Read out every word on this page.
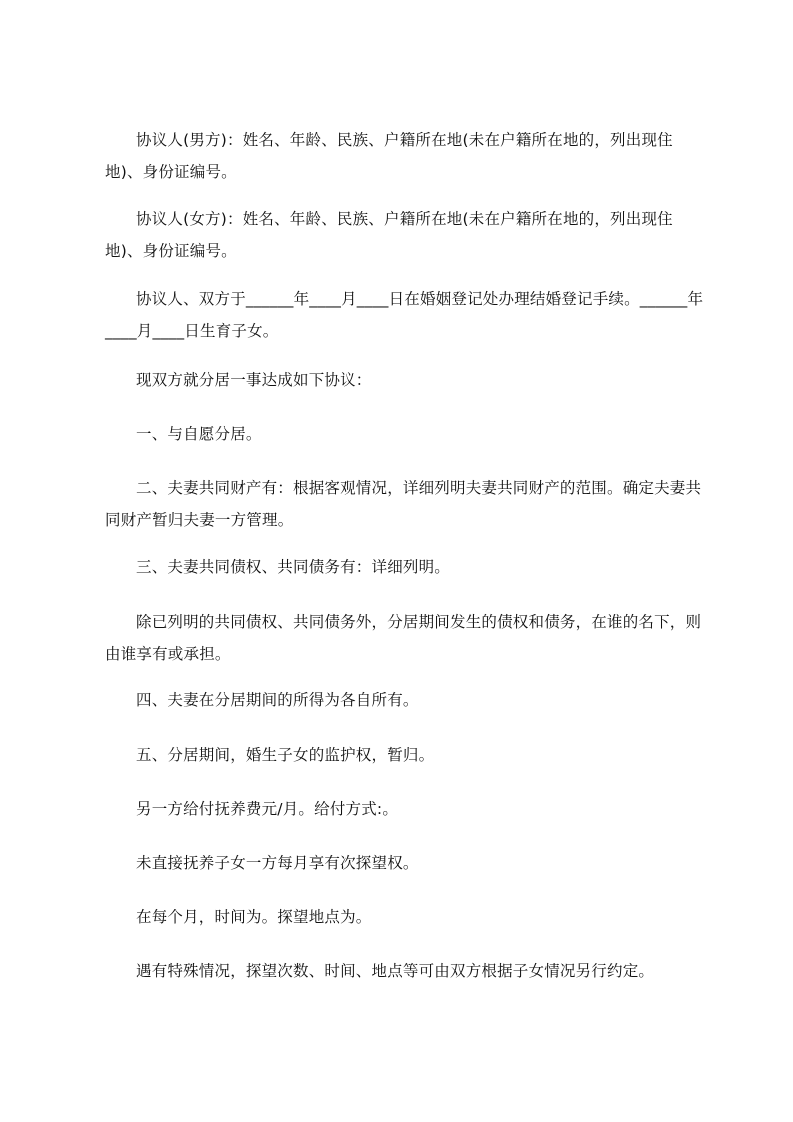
协议人(男方)：姓名、年龄、民族、户籍所在地(未在户籍所在地的，列出现住地)、身份证编号。

协议人(女方)：姓名、年龄、民族、户籍所在地(未在户籍所在地的，列出现住地)、身份证编号。

协议人、双方于______年____月____日在婚姻登记处办理结婚登记手续。______年____月____日生育子女。

现双方就分居一事达成如下协议：

一、与自愿分居。

二、夫妻共同财产有：根据客观情况，详细列明夫妻共同财产的范围。确定夫妻共同财产暂归夫妻一方管理。

三、夫妻共同债权、共同债务有：详细列明。

除已列明的共同债权、共同债务外，分居期间发生的债权和债务，在谁的名下，则由谁享有或承担。

四、夫妻在分居期间的所得为各自所有。

五、分居期间，婚生子女的监护权，暂归。

另一方给付抚养费元/月。给付方式:。

未直接抚养子女一方每月享有次探望权。

在每个月，时间为。探望地点为。

遇有特殊情况，探望次数、时间、地点等可由双方根据子女情况另行约定。
